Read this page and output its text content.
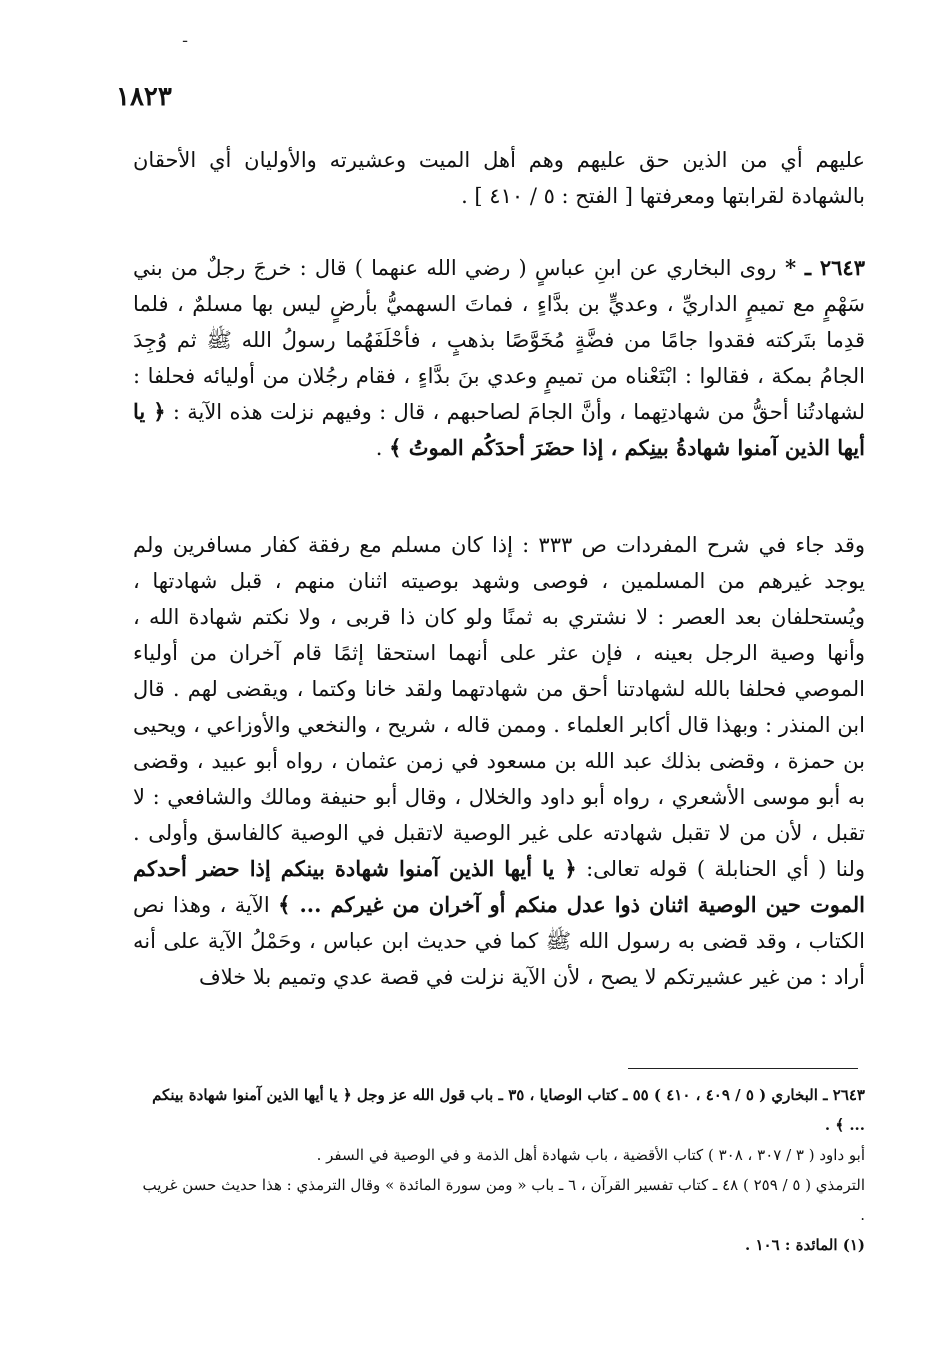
ـ
١٨٢٣
عليهم أي من الذين حق عليهم وهم أهل الميت وعشيرته والأوليان أي الأحقان بالشهادة لقرابتها ومعرفتها [ الفتح : ٥ / ٤١٠ ] .
٢٦٤٣ ـ * روى البخاري عن ابنِ عباسٍ ( رضي الله عنهما ) قال : خرجَ رجلٌ من بني سَهْمٍ مع تميمٍ الداريِّ ، وعديٍّ بن بدَّاءٍ ، فماتَ السهميُّ بأرضٍ ليس بها مسلمٌ ، فلما قدِما بتَركته فقدوا جامًا من فضَّةٍ مُخَوَّصًا بذهبٍ ، فأحْلَفَهُما رسولُ الله ﷺ ثم وُجِدَ الجامُ بمكة ، فقالوا : ابْتَعْناه من تميمٍ وعدي بنَ بدَّاءٍ ، فقام رجُلان من أوليائه فحلفا : لشهادتُنا أحقُّ من شهادتِهما ، وأنَّ الجامَ لصاحبهم ، قال : وفيهم نزلت هذه الآية : ﴿ يا أيها الذين آمنوا شهادةُ بينِكم ، إذا حضَرَ أحدَكُم الموتُ ﴾ .
وقد جاء في شرح المفردات ص ٣٣٣ : إذا كان مسلم مع رفقة كفار مسافرين ولم يوجد غيرهم من المسلمين ، فوصى وشهد بوصيته اثنان منهم ، قبل شهادتها ، ويُستحلفان بعد العصر : لا نشتري به ثمنًا ولو كان ذا قربى ، ولا نكتم شهادة الله ، وأنها وصية الرجل بعينه ، فإن عثر على أنهما استحقا إثمًا قام آخران من أولياء الموصي فحلفا بالله لشهادتنا أحق من شهادتهما ولقد خانا وكتما ، ويقضى لهم . قال ابن المنذر : وبهذا قال أكابر العلماء . وممن قاله ، شريح ، والنخعي والأوزاعي ، ويحيى بن حمزة ، وقضى بذلك عبد الله بن مسعود في زمن عثمان ، رواه أبو عبيد ، وقضى به أبو موسى الأشعري ، رواه أبو داود والخلال ، وقال أبو حنيفة ومالك والشافعي : لا تقبل ، لأن من لا تقبل شهادته على غير الوصية لاتقبل في الوصية كالفاسق وأولى . ولنا ( أي الحنابلة ) قوله تعالى: ﴿ يا أيها الذين آمنوا شهادة بينكم إذا حضر أحدكم الموت حين الوصية اثنان ذوا عدل منكم أو آخران من غيركم ... ﴾ الآية ، وهذا نص الكتاب ، وقد قضى به رسول الله ﷺ كما في حديث ابن عباس ، وحَمْلُ الآية على أنه أراد : من غير عشيرتكم لا يصح ، لأن الآية نزلت في قصة عدي وتميم بلا خلاف

٢٦٤٣ ـ البخاري ( ٥ / ٤٠٩ ، ٤١٠ ) ٥٥ ـ كتاب الوصايا ، ٣٥ ـ باب قول الله عز وجل ﴿ يا أيها الذين آمنوا شهادة بينكم ... ﴾ .

أبو داود ( ٣ / ٣٠٧ ، ٣٠٨ ) كتاب الأقضية ، باب شهادة أهل الذمة و في الوصية في السفر .

الترمذي ( ٥ / ٢٥٩ ) ٤٨ ـ كتاب تفسير القرآن ، ٦ ـ باب « ومن سورة المائدة » وقال الترمذي : هذا حديث حسن غريب .

(١) المائدة : ١٠٦ .
